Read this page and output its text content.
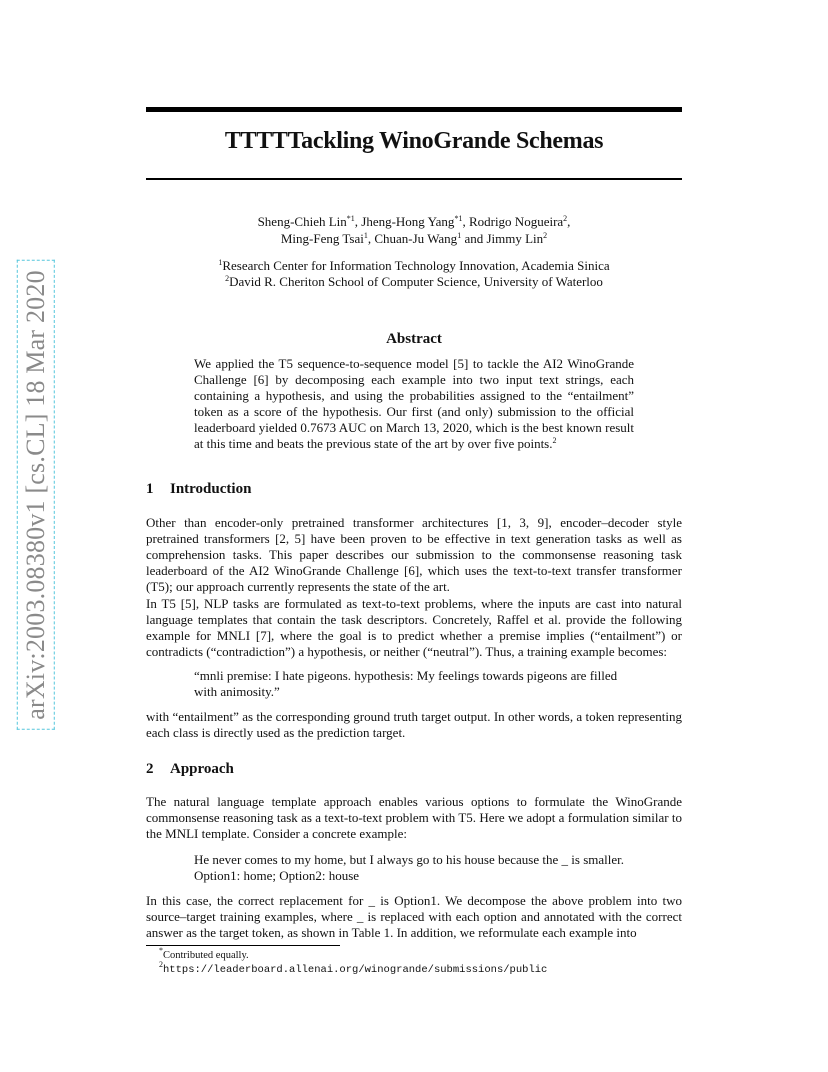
arXiv:2003.08380v1 [cs.CL] 18 Mar 2020
TTTTTackling WinoGrande Schemas
Sheng-Chieh Lin$^{*1}$, Jheng-Hong Yang$^{*1}$, Rodrigo Nogueira$^2$,
Ming-Feng Tsai$^1$, Chuan-Ju Wang$^1$ and Jimmy Lin$^2$
$^1$Research Center for Information Technology Innovation, Academia Sinica
$^2$David R. Cheriton School of Computer Science, University of Waterloo
Abstract

We applied the T5 sequence-to-sequence model [5] to tackle the AI2 WinoGrande Challenge [6] by decomposing each example into two input text strings, each containing a hypothesis, and using the probabilities assigned to the “entailment” token as a score of the hypothesis. Our first (and only) submission to the official leaderboard yielded 0.7673 AUC on March 13, 2020, which is the best known result at this time and beats the previous state of the art by over five points.$^2$

1 Introduction

Other than encoder-only pretrained transformer architectures [1, 3, 9], encoder–decoder style pretrained transformers [2, 5] have been proven to be effective in text generation tasks as well as comprehension tasks. This paper describes our submission to the commonsense reasoning task leaderboard of the AI2 WinoGrande Challenge [6], which uses the text-to-text transfer transformer (T5); our approach currently represents the state of the art.

In T5 [5], NLP tasks are formulated as text-to-text problems, where the inputs are cast into natural language templates that contain the task descriptors. Concretely, Raffel et al. provide the following example for MNLI [7], where the goal is to predict whether a premise implies (“entailment”) or contradicts (“contradiction”) a hypothesis, or neither (“neutral”). Thus, a training example becomes:

“mnli premise: I hate pigeons. hypothesis: My feelings towards pigeons are filled with animosity.”

with “entailment” as the corresponding ground truth target output. In other words, a token representing each class is directly used as the prediction target.

2 Approach

The natural language template approach enables various options to formulate the WinoGrande commonsense reasoning task as a text-to-text problem with T5. Here we adopt a formulation similar to the MNLI template. Consider a concrete example:

He never comes to my home, but I always go to his house because the _ is smaller.
Option1: home; Option2: house

In this case, the correct replacement for _ is Option1. We decompose the above problem into two source–target training examples, where _ is replaced with each option and annotated with the correct answer as the target token, as shown in Table 1. In addition, we reformulate each example into

*Contributed equally.
$^2$https://leaderboard.allenai.org/winogrande/submissions/public
